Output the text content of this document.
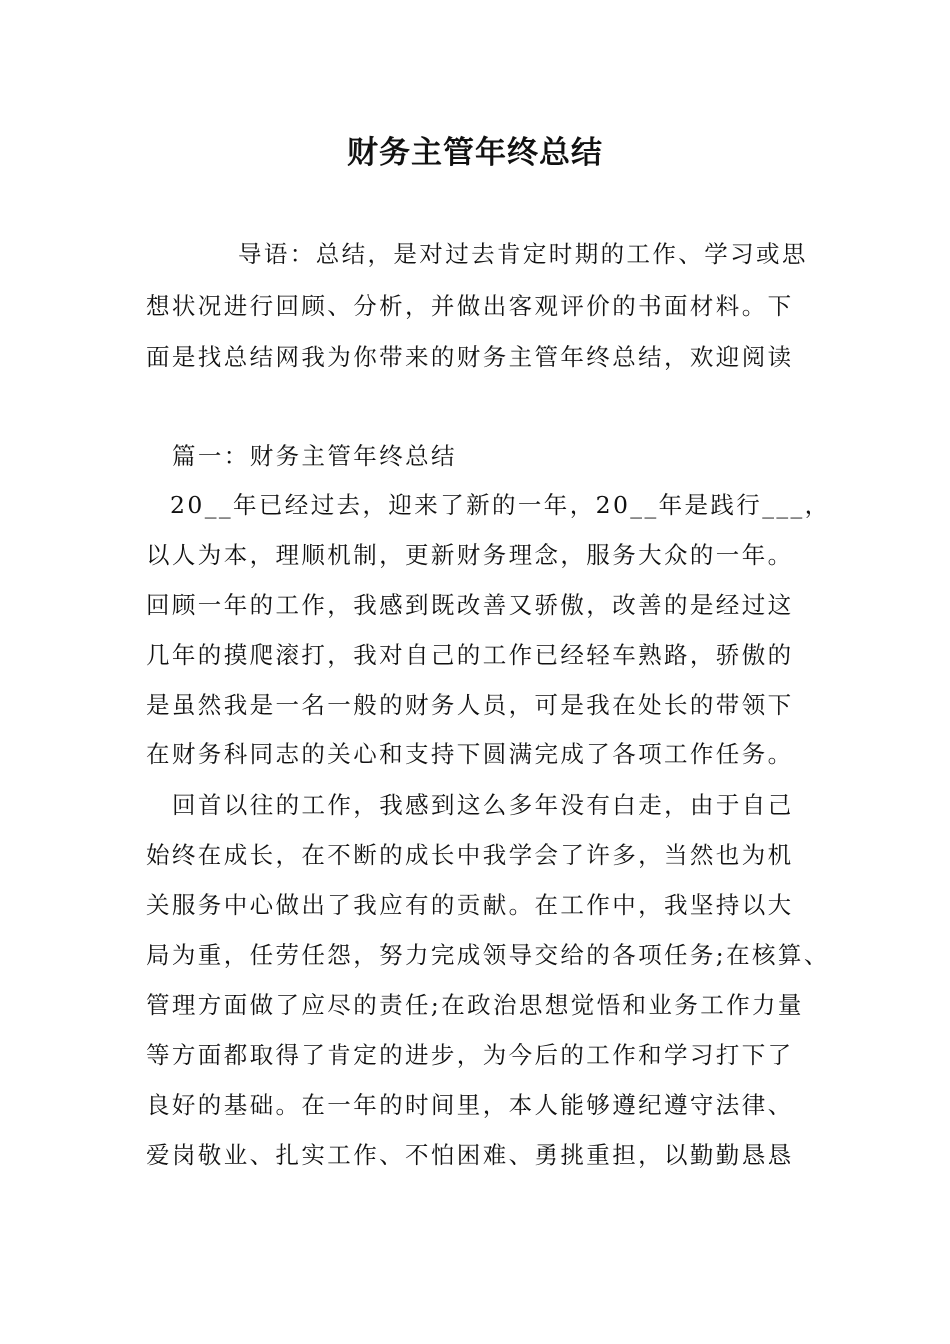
财务主管年终总结
导语：总结，是对过去肯定时期的工作、学习或思
想状况进行回顾、分析，并做出客观评价的书面材料。下
面是找总结网我为你带来的财务主管年终总结，欢迎阅读
篇一：财务主管年终总结
20__年已经过去，迎来了新的一年，20__年是践行___，
以人为本，理顺机制，更新财务理念，服务大众的一年。
回顾一年的工作，我感到既改善又骄傲，改善的是经过这
几年的摸爬滚打，我对自己的工作已经轻车熟路，骄傲的
是虽然我是一名一般的财务人员，可是我在处长的带领下
在财务科同志的关心和支持下圆满完成了各项工作任务。
回首以往的工作，我感到这么多年没有白走，由于自己
始终在成长，在不断的成长中我学会了许多，当然也为机
关服务中心做出了我应有的贡献。在工作中，我坚持以大
局为重，任劳任怨，努力完成领导交给的各项任务;在核算、
管理方面做了应尽的责任;在政治思想觉悟和业务工作力量
等方面都取得了肯定的进步，为今后的工作和学习打下了
良好的基础。在一年的时间里，本人能够遵纪遵守法律、
爱岗敬业、扎实工作、不怕困难、勇挑重担，以勤勤恳恳
